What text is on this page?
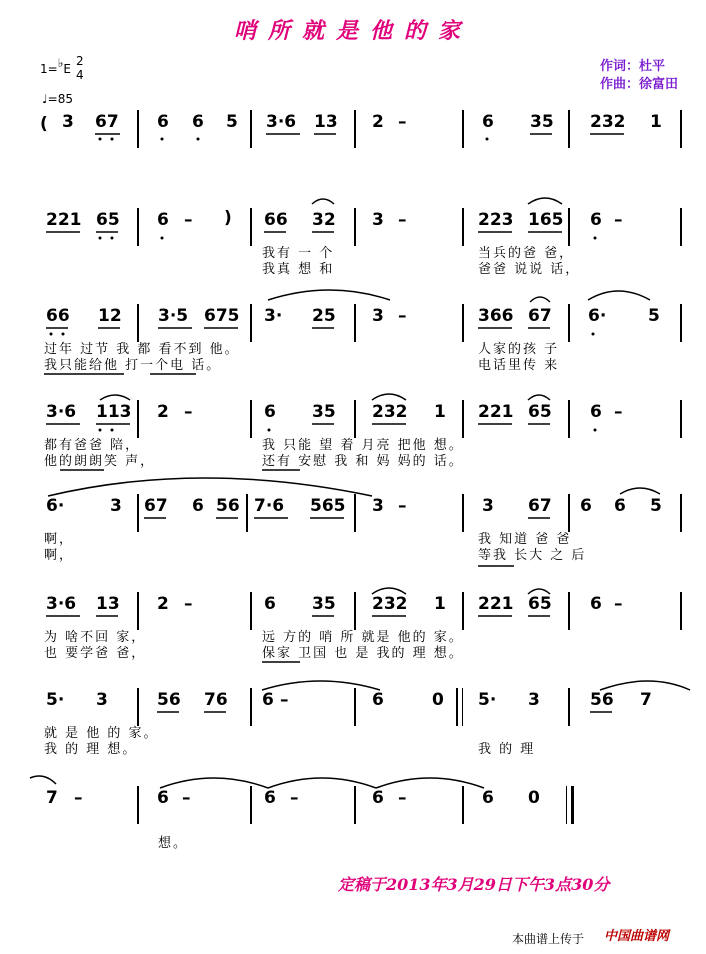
哨所就是他的家
1=♭E
2
4
♩=85
作词：杜平
作曲：徐富田
( 3 67 6 6 5 3·6 13 2 –	6 35 232 1
221 65 6 – ) 66 32 3 –	223 165 6 –
我有 一 个	当兵的爸 爸，
我真 想 和	爸爸 说说 话，
66 12 3·5 675 3· 25 3 –	366 67 6· 5
过年 过节 我 都 看不到 他。	人家的孩 子
我只能给他 打一个电 话。	电话里传 来
3·6 113 2 –	6 35 232 1 221 65 6 –
都有爸爸 陪，	我 只能 望 着 月亮 把他 想。
他的朗朗笑 声，	还有 安慰 我 和 妈 妈的 话。
6·	3 67 6 56 7·6 565 3 –	3 67 6 6 5
啊，	我 知道 爸 爸
啊，	等我 长大 之 后
3·6 13 2 –	6 35 232 1 221 65 6 –
为 啥不回 家，	远 方的 哨 所 就是 他的 家。
也 要学爸 爸，	保家 卫国 也 是 我的 理 想。
5· 3	56 76 6 –	6	0 5· 3	56 7
就 是 他 的 家。
我 的 理 想。	我 的 理
7 –	6 –	6 –	6 –	6 0
想。
定稿于2013年3月29日下午3点30分
本曲谱上传于 中国曲谱网
